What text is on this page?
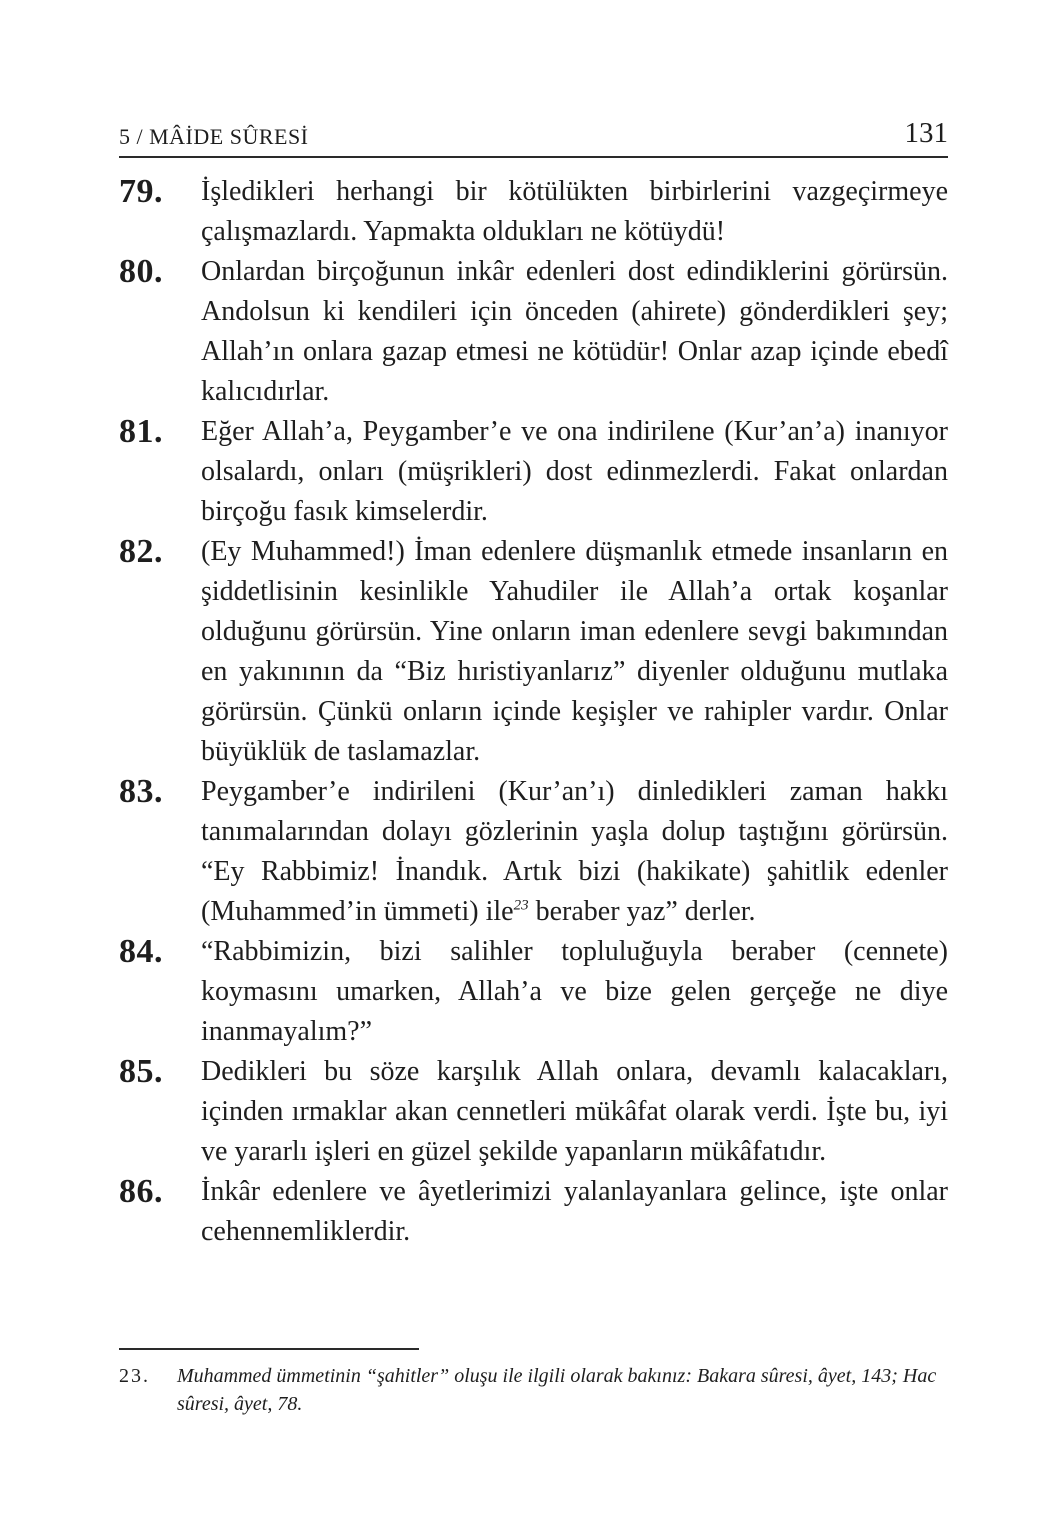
5 / MÂİDE SÛRESİ	131
79.	İşledikleri herhangi bir kötülükten birbirlerini vazgeçirmeye çalışmazlardı. Yapmakta oldukları ne kötüydü!
80.	Onlardan birçoğunun inkâr edenleri dost edindiklerini görürsün. Andolsun ki kendileri için önceden (ahirete) gönderdikleri şey; Allah’ın onlara gazap etmesi ne kötüdür! Onlar azap içinde ebedî kalıcıdırlar.
81.	Eğer Allah’a, Peygamber’e ve ona indirilene (Kur’an’a) inanıyor olsalardı, onları (müşrikleri) dost edinmezlerdi. Fakat onlardan birçoğu fasık kimselerdir.
82.	(Ey Muhammed!) İman edenlere düşmanlık etmede insanların en şiddetlisinin kesinlikle Yahudiler ile Allah’a ortak koşanlar olduğunu görürsün. Yine onların iman edenlere sevgi bakımından en yakınının da “Biz hıristiyanlarız” diyenler olduğunu mutlaka görürsün. Çünkü onların içinde keşişler ve rahipler vardır. Onlar büyüklük de taslamazlar.
83.	Peygamber’e indirileni (Kur’an’ı) dinledikleri zaman hakkı tanımalarından dolayı gözlerinin yaşla dolup taştığını görürsün. “Ey Rabbimiz! İnandık. Artık bizi (hakikate) şahitlik edenler (Muhammed’in ümmeti) ile$^{23}$ beraber yaz” derler.
84.	“Rabbimizin, bizi salihler topluluğuyla beraber (cennete) koymasını umarken, Allah’a ve bize gelen gerçeğe ne diye inanmayalım?”
85.	Dedikleri bu söze karşılık Allah onlara, devamlı kalacakları, içinden ırmaklar akan cennetleri mükâfat olarak verdi. İşte bu, iyi ve yararlı işleri en güzel şekilde yapanların mükâfatıdır.
86.	İnkâr edenlere ve âyetlerimizi yalanlayanlara gelince, işte onlar cehennemliklerdir.
23.	Muhammed ümmetinin “şahitler” oluşu ile ilgili olarak bakınız: Bakara sûresi, âyet, 143; Hac sûresi, âyet, 78.
